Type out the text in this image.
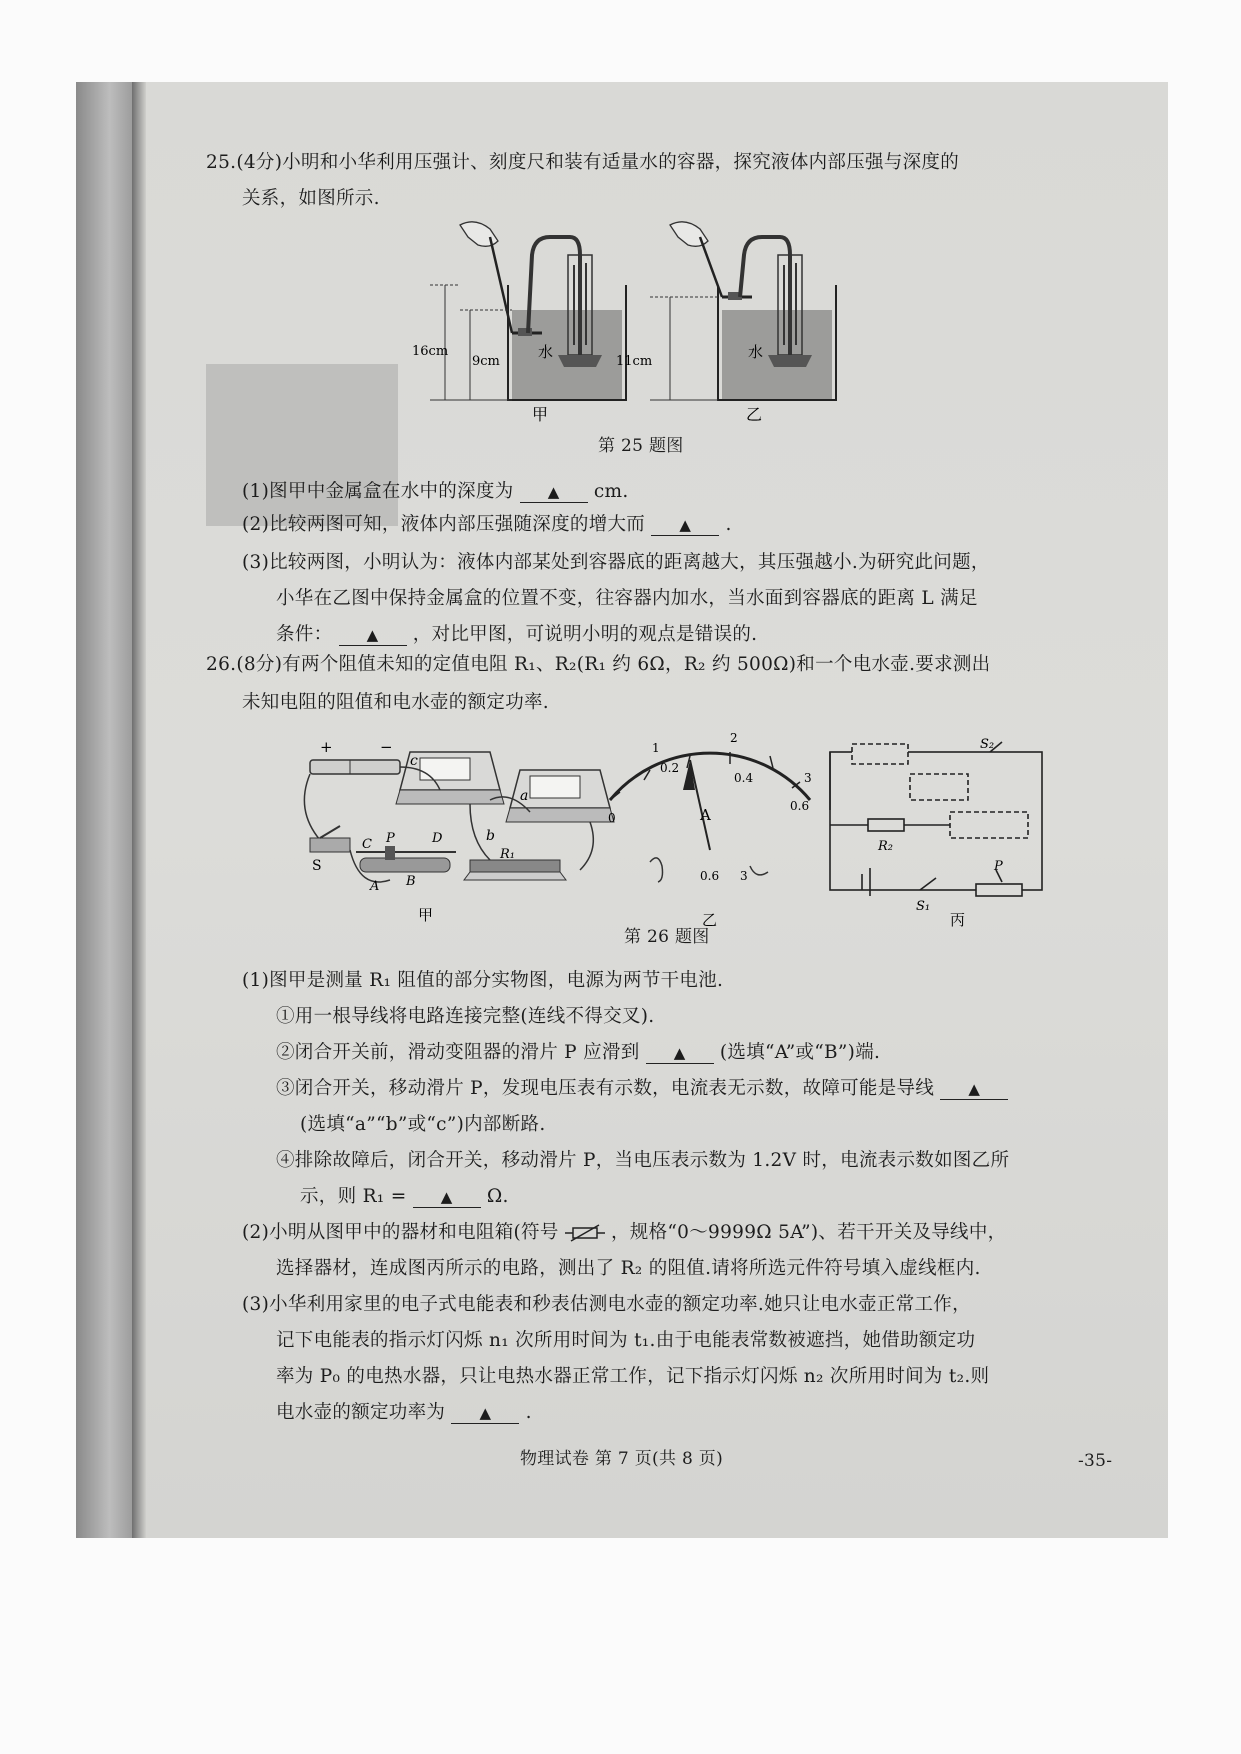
25.(4分)小明和小华利用压强计、刻度尺和装有适量水的容器，探究液体内部压强与深度的
关系，如图所示.
16cm
9cm	11cm
水	水
甲	乙
第 25 题图
(1)图甲中金属盒在水中的深度为 ▲ cm.
(2)比较两图可知，液体内部压强随深度的增大而 ▲ .
(3)比较两图，小明认为：液体内部某处到容器底的距离越大，其压强越小.为研究此问题，
小华在乙图中保持金属盒的位置不变，往容器内加水，当水面到容器底的距离 L 满足
条件： ▲ ，对比甲图，可说明小明的观点是错误的.
26.(8分)有两个阻值未知的定值电阻 R₁、R₂(R₁ 约 6Ω，R₂ 约 500Ω)和一个电水壶.要求测出
未知电阻的阻值和电水壶的额定功率.
+	−
a
b
c
S
R₁
C P	D
A B
甲
0
0.2
0.4
0.6
1
2
3
A
0.6 3
乙
S₂
R₂
P
S₁
丙
第 26 题图
(1)图甲是测量 R₁ 阻值的部分实物图，电源为两节干电池.
①用一根导线将电路连接完整(连线不得交叉).
②闭合开关前，滑动变阻器的滑片 P 应滑到 ▲ (选填“A”或“B”)端.
③闭合开关，移动滑片 P，发现电压表有示数，电流表无示数，故障可能是导线 ▲
(选填“a”“b”或“c”)内部断路.
④排除故障后，闭合开关，移动滑片 P，当电压表示数为 1.2V 时，电流表示数如图乙所
示，则 R₁ = ▲ Ω.
(2)小明从图甲中的器材和电阻箱(符号	，规格“0～9999Ω 5A”)、若干开关及导线中，
选择器材，连成图丙所示的电路，测出了 R₂ 的阻值.请将所选元件符号填入虚线框内.
(3)小华利用家里的电子式电能表和秒表估测电水壶的额定功率.她只让电水壶正常工作，
记下电能表的指示灯闪烁 n₁ 次所用时间为 t₁.由于电能表常数被遮挡，她借助额定功
率为 P₀ 的电热水器，只让电热水器正常工作，记下指示灯闪烁 n₂ 次所用时间为 t₂.则
电水壶的额定功率为 ▲ .
物理试卷 第 7 页(共 8 页)	-35-
